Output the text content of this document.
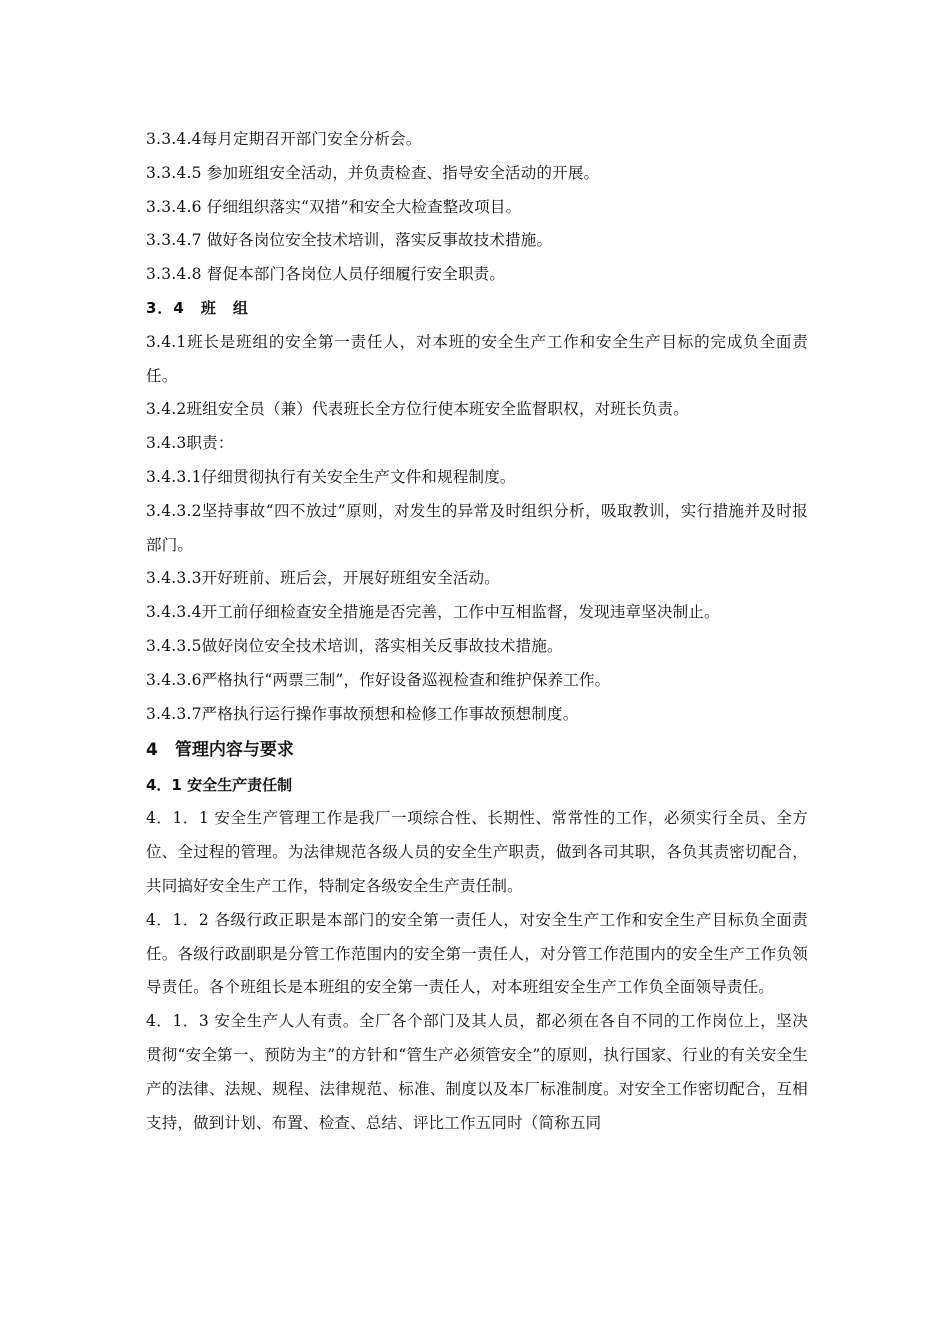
3.3.4.4每月定期召开部门安全分析会。

3.3.4.5 参加班组安全活动，并负责检查、指导安全活动的开展。

3.3.4.6 仔细组织落实“双措”和安全大检查整改项目。

3.3.4.7 做好各岗位安全技术培训，落实反事故技术措施。

3.3.4.8 督促本部门各岗位人员仔细履行安全职责。

3．4　班　组

3.4.1班长是班组的安全第一责任人，对本班的安全生产工作和安全生产目标的完成负全面责任。

3.4.2班组安全员（兼）代表班长全方位行使本班安全监督职权，对班长负责。

3.4.3职责：

3.4.3.1仔细贯彻执行有关安全生产文件和规程制度。

3.4.3.2坚持事故“四不放过”原则，对发生的异常及时组织分析，吸取教训，实行措施并及时报部门。

3.4.3.3开好班前、班后会，开展好班组安全活动。

3.4.3.4开工前仔细检查安全措施是否完善，工作中互相监督，发现违章坚决制止。

3.4.3.5做好岗位安全技术培训，落实相关反事故技术措施。

3.4.3.6严格执行“两票三制”，作好设备巡视检查和维护保养工作。

3.4.3.7严格执行运行操作事故预想和检修工作事故预想制度。

4　管理内容与要求

4．1 安全生产责任制

4．1．1 安全生产管理工作是我厂一项综合性、长期性、常常性的工作，必须实行全员、全方位、全过程的管理。为法律规范各级人员的安全生产职责，做到各司其职，各负其责密切配合，共同搞好安全生产工作，特制定各级安全生产责任制。

4．1．2 各级行政正职是本部门的安全第一责任人，对安全生产工作和安全生产目标负全面责任。各级行政副职是分管工作范围内的安全第一责任人，对分管工作范围内的安全生产工作负领导责任。各个班组长是本班组的安全第一责任人，对本班组安全生产工作负全面领导责任。

4．1．3 安全生产人人有责。全厂各个部门及其人员，都必须在各自不同的工作岗位上，坚决贯彻“安全第一、预防为主”的方针和“管生产必须管安全”的原则，执行国家、行业的有关安全生产的法律、法规、规程、法律规范、标准、制度以及本厂标准制度。对安全工作密切配合，互相支持，做到计划、布置、检查、总结、评比工作五同时（简称五同
